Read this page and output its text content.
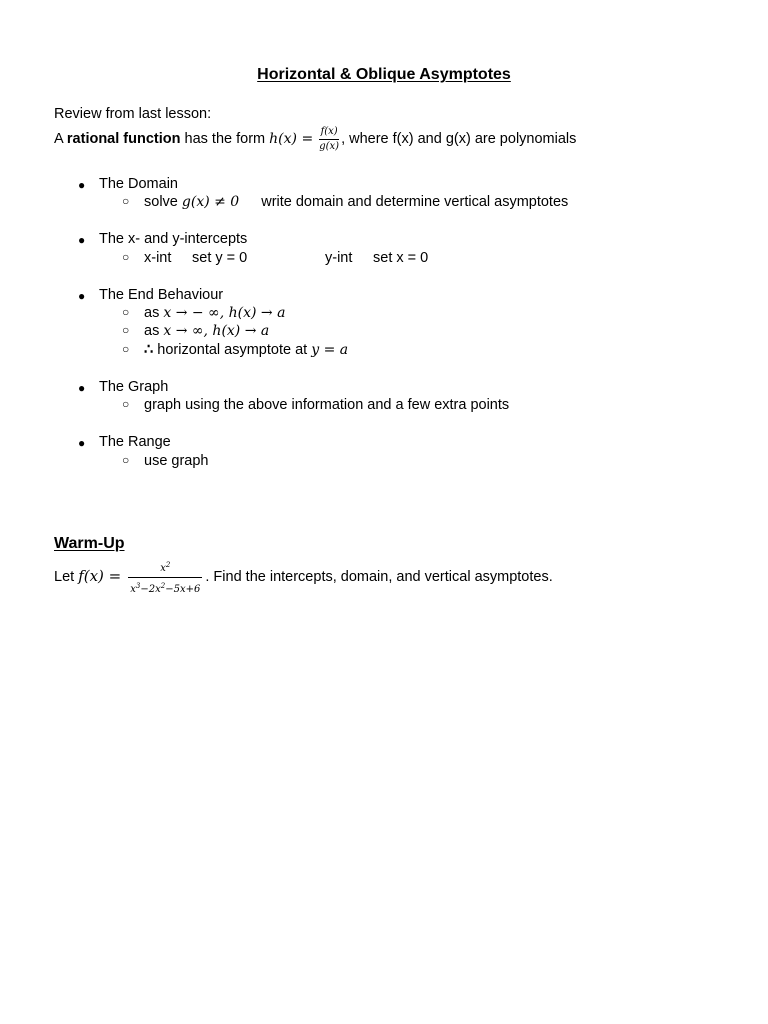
Horizontal & Oblique Asymptotes
Review from last lesson:
A rational function has the form $h(x) = \frac{f(x)}{g(x)}$ , where f(x) and g(x) are polynomials
● The Domain
○ solve g(x) ≠ 0 write domain and determine vertical asymptotes
● The x- and y-intercepts
○ x-int set y = 0	y-int set x = 0
● The End Behaviour
○ as x → − ∞, h(x) → a
○ as x → ∞, h(x) → a
○ ∴ horizontal asymptote at y = a
● The Graph
○ graph using the above information and a few extra points
● The Range
○ use graph
Warm-Up
Let $f(x) = \frac{x^2}{x^3-2x^2-5x+6}$ . Find the intercepts, domain, and vertical asymptotes.
